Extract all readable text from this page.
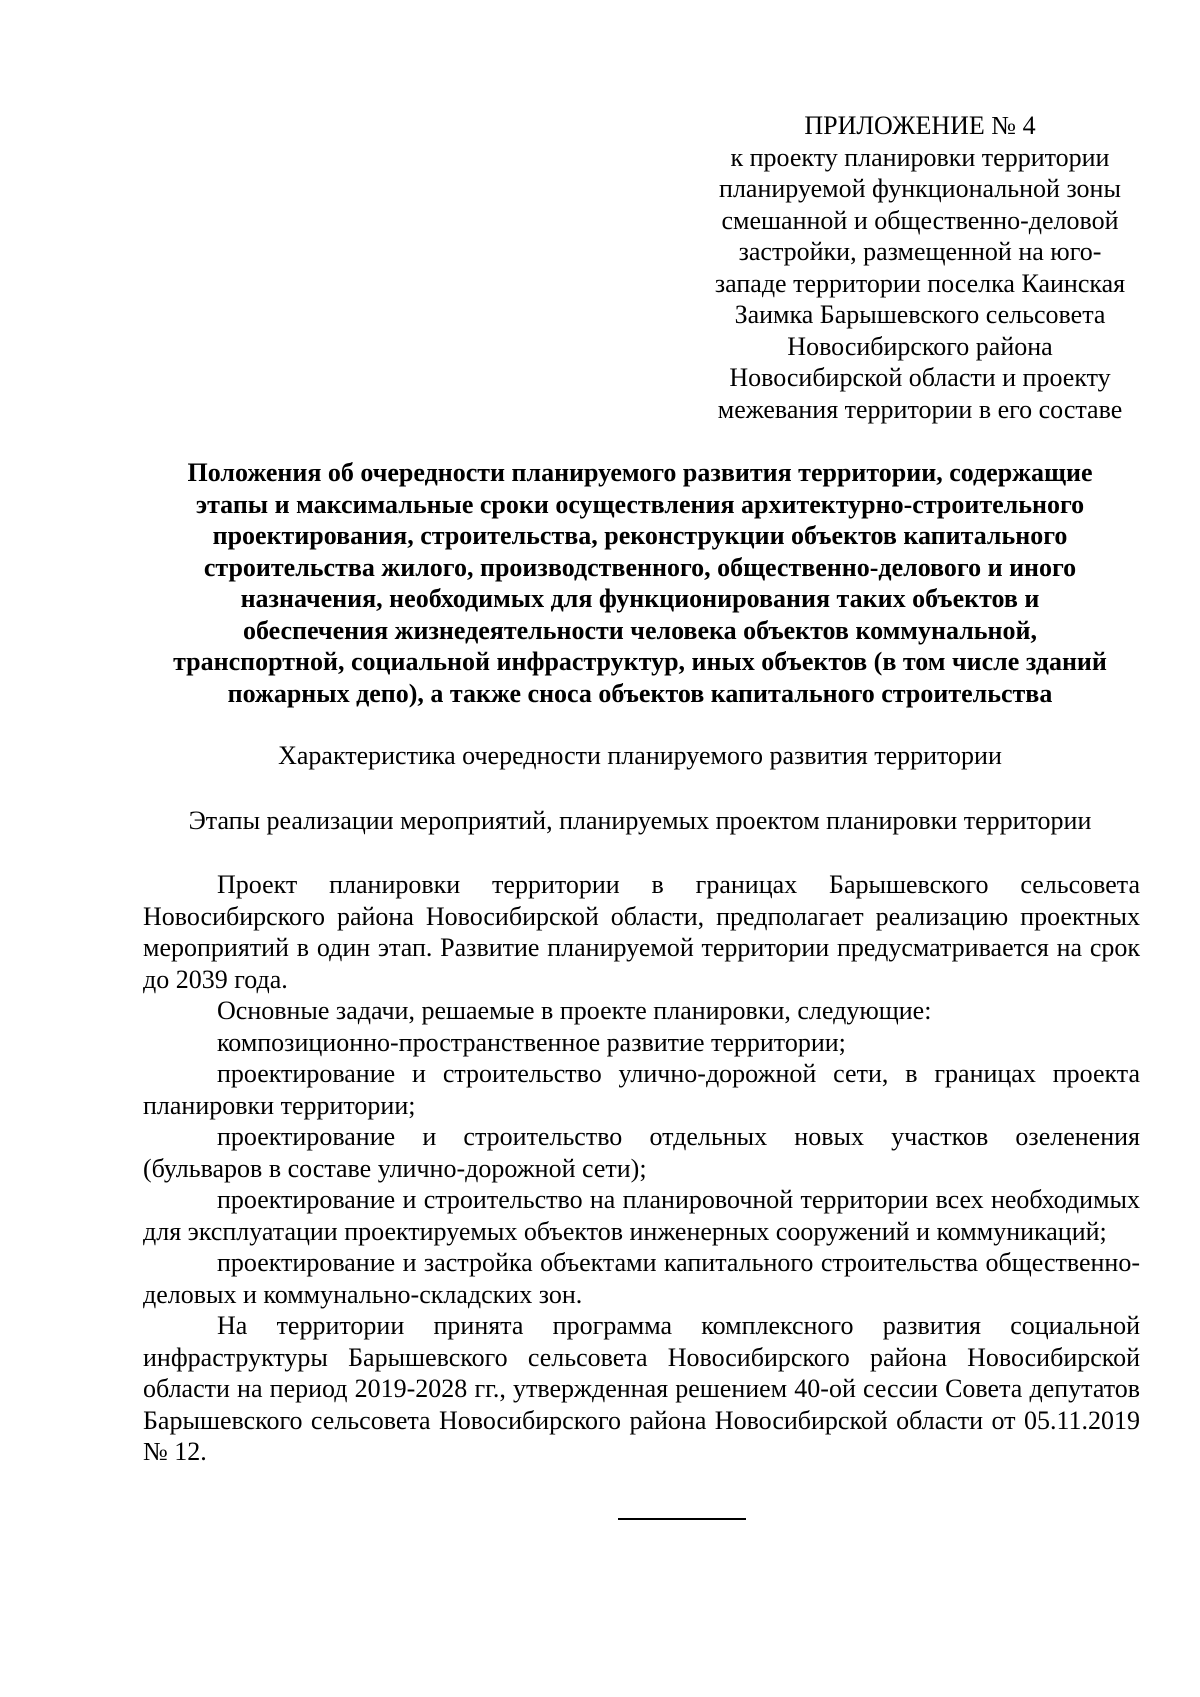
ПРИЛОЖЕНИЕ № 4
к проекту планировки территории
планируемой функциональной зоны
смешанной и общественно-деловой
застройки, размещенной на юго-
западе территории поселка Каинская
Заимка Барышевского сельсовета
Новосибирского района
Новосибирской области и проекту
межевания территории в его составе
Положения об очередности планируемого развития территории, содержащие
этапы и максимальные сроки осуществления архитектурно-строительного
проектирования, строительства, реконструкции объектов капитального
строительства жилого, производственного, общественно-делового и иного
назначения, необходимых для функционирования таких объектов и
обеспечения жизнедеятельности человека объектов коммунальной,
транспортной, социальной инфраструктур, иных объектов (в том числе зданий
пожарных депо), а также сноса объектов капитального строительства
Характеристика очередности планируемого развития территории
Этапы реализации мероприятий, планируемых проектом планировки территории

Проект планировки территории в границах Барышевского сельсовета Новосибирского района Новосибирской области, предполагает реализацию проектных мероприятий в один этап. Развитие планируемой территории предусматривается на срок до 2039 года.

Основные задачи, решаемые в проекте планировки, следующие:

композиционно-пространственное развитие территории;

проектирование и строительство улично-дорожной сети, в границах проекта планировки территории;

проектирование и строительство отдельных новых участков озеленения (бульваров в составе улично-дорожной сети);

проектирование и строительство на планировочной территории всех необходимых для эксплуатации проектируемых объектов инженерных сооружений и коммуникаций;

проектирование и застройка объектами капитального строительства общественно-деловых и коммунально-складских зон.

На территории принята программа комплексного развития социальной инфраструктуры Барышевского сельсовета Новосибирского района Новосибирской области на период 2019-2028 гг., утвержденная решением 40-ой сессии Совета депутатов Барышевского сельсовета Новосибирского района Новосибирской области от 05.11.2019 № 12.
